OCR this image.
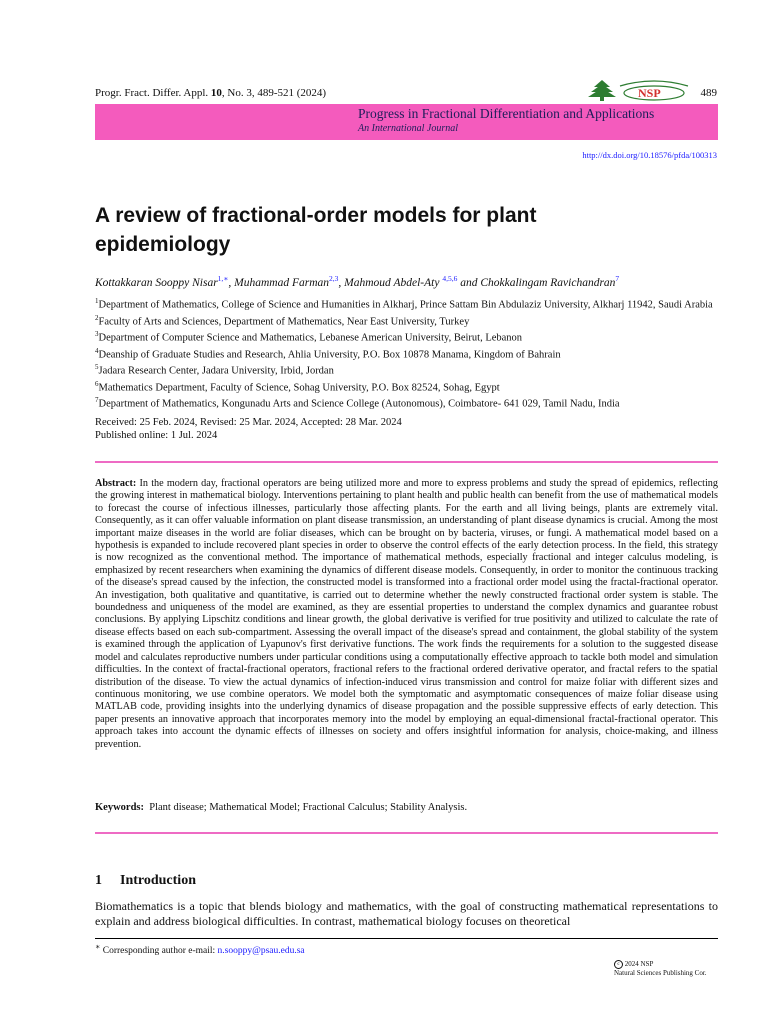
Progr. Fract. Differ. Appl. 10, No. 3, 489-521 (2024)	489
NSP
Progress in Fractional Differentiation and Applications
An International Journal
http://dx.doi.org/10.18576/pfda/100313
A review of fractional-order models for plant epidemiology
Kottakkaran Sooppy Nisar$^{1,∗}$, Muhammad Farman$^{2,3}$, Mahmoud Abdel-Aty $^{4,5,6}$ and Chokkalingam Ravichandran$^7$
$^1$Department of Mathematics, College of Science and Humanities in Alkharj, Prince Sattam Bin Abdulaziz University, Alkharj 11942, Saudi Arabia
$^2$Faculty of Arts and Sciences, Department of Mathematics, Near East University, Turkey
$^3$Department of Computer Science and Mathematics, Lebanese American University, Beirut, Lebanon
$^4$Deanship of Graduate Studies and Research, Ahlia University, P.O. Box 10878 Manama, Kingdom of Bahrain
$^5$Jadara Research Center, Jadara University, Irbid, Jordan
$^6$Mathematics Department, Faculty of Science, Sohag University, P.O. Box 82524, Sohag, Egypt
$^7$Department of Mathematics, Kongunadu Arts and Science College (Autonomous), Coimbatore- 641 029, Tamil Nadu, India
Received: 25 Feb. 2024, Revised: 25 Mar. 2024, Accepted: 28 Mar. 2024
Published online: 1 Jul. 2024

Abstract: In the modern day, fractional operators are being utilized more and more to express problems and study the spread of epidemics, reflecting the growing interest in mathematical biology. Interventions pertaining to plant health and public health can benefit from the use of mathematical models to forecast the course of infectious illnesses, particularly those affecting plants. For the earth and all living beings, plants are extremely vital. Consequently, as it can offer valuable information on plant disease transmission, an understanding of plant disease dynamics is crucial. Among the most important maize diseases in the world are foliar diseases, which can be brought on by bacteria, viruses, or fungi. A mathematical model based on a hypothesis is expanded to include recovered plant species in order to observe the control effects of the early detection process. In the field, this strategy is now recognized as the conventional method. The importance of mathematical methods, especially fractional and integer calculus modeling, is emphasized by recent researchers when examining the dynamics of different disease models. Consequently, in order to monitor the continuous tracking of the disease's spread caused by the infection, the constructed model is transformed into a fractional order model using the fractal-fractional operator. An investigation, both qualitative and quantitative, is carried out to determine whether the newly constructed fractional order system is stable. The boundedness and uniqueness of the model are examined, as they are essential properties to understand the complex dynamics and guarantee robust conclusions. By applying Lipschitz conditions and linear growth, the global derivative is verified for true positivity and utilized to calculate the rate of disease effects based on each sub-compartment. Assessing the overall impact of the disease's spread and containment, the global stability of the system is examined through the application of Lyapunov's first derivative functions. The work finds the requirements for a solution to the suggested disease model and calculates reproductive numbers under particular conditions using a computationally effective approach to tackle both model and simulation difficulties. In the context of fractal-fractional operators, fractional refers to the fractional ordered derivative operator, and fractal refers to the spatial distribution of the disease. To view the actual dynamics of infection-induced virus transmission and control for maize foliar with different sizes and continuous monitoring, we use combine operators. We model both the symptomatic and asymptomatic consequences of maize foliar disease using MATLAB code, providing insights into the underlying dynamics of disease propagation and the possible suppressive effects of early detection. This paper presents an innovative approach that incorporates memory into the model by employing an equal-dimensional fractal-fractional operator. This approach takes into account the dynamic effects of illnesses on society and offers insightful information for analysis, choice-making, and illness prevention.

Keywords: Plant disease; Mathematical Model; Fractional Calculus; Stability Analysis.
1 Introduction

Biomathematics is a topic that blends biology and mathematics, with the goal of constructing mathematical representations to explain and address biological difficulties. In contrast, mathematical biology focuses on theoretical

∗ Corresponding author e-mail: n.sooppy@psau.edu.sa
c 2024 NSP
Natural Sciences Publishing Cor.
